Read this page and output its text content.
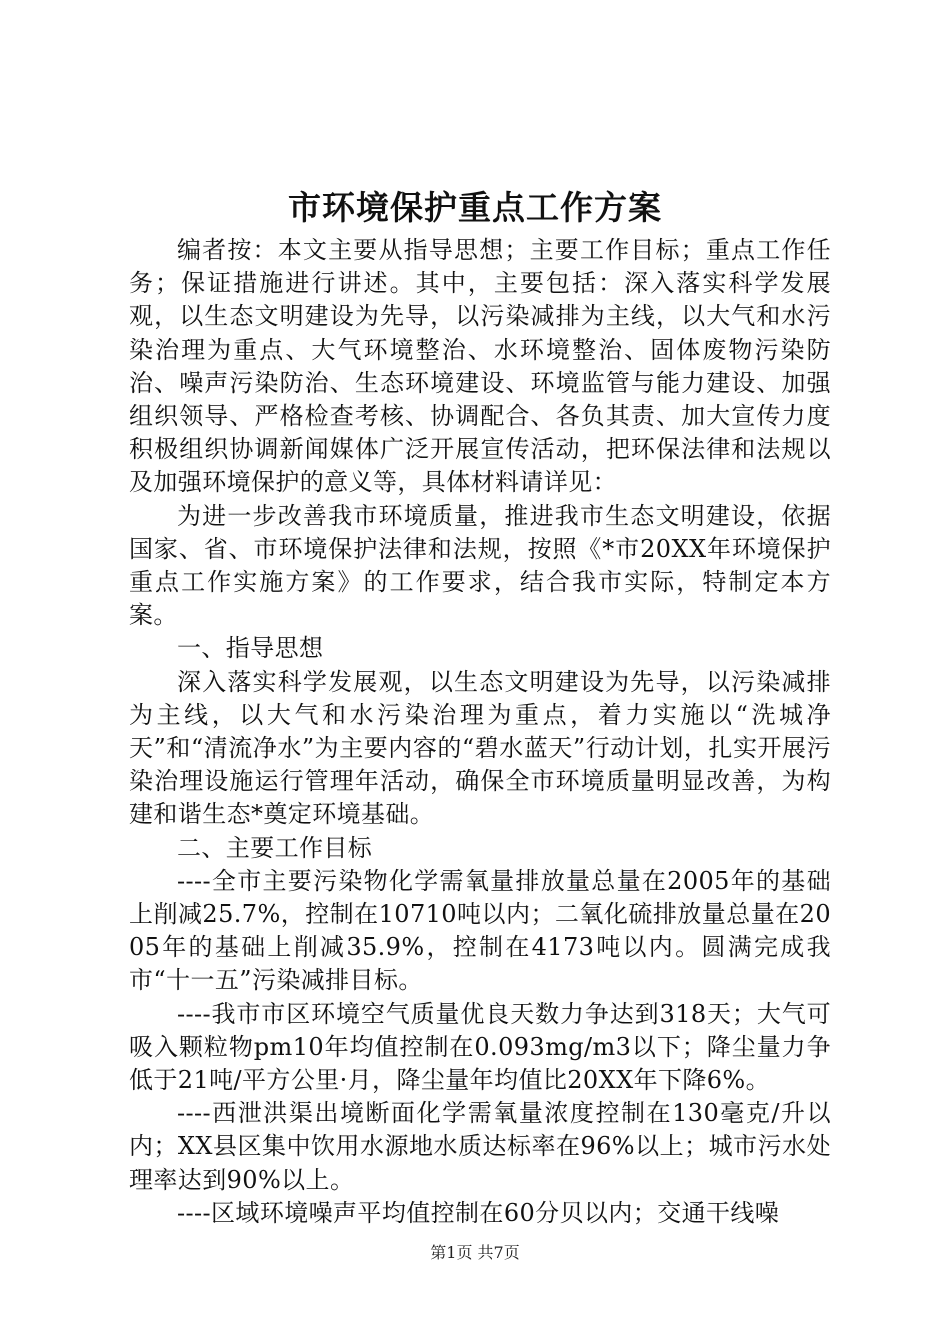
市环境保护重点工作方案

编者按：本文主要从指导思想；主要工作目标；重点工作任务；保证措施进行讲述。其中，主要包括：深入落实科学发展观，以生态文明建设为先导，以污染减排为主线，以大气和水污染治理为重点、大气环境整治、水环境整治、固体废物污染防治、噪声污染防治、生态环境建设、环境监管与能力建设、加强组织领导、严格检查考核、协调配合、各负其责、加大宣传力度积极组织协调新闻媒体广泛开展宣传活动，把环保法律和法规以及加强环境保护的意义等，具体材料请详见：

为进一步改善我市环境质量，推进我市生态文明建设，依据国家、省、市环境保护法律和法规，按照《*市20XX年环境保护重点工作实施方案》的工作要求，结合我市实际，特制定本方案。

一、指导思想

深入落实科学发展观，以生态文明建设为先导，以污染减排为主线，以大气和水污染治理为重点，着力实施以“洗城净天”和“清流净水”为主要内容的“碧水蓝天”行动计划，扎实开展污染治理设施运行管理年活动，确保全市环境质量明显改善，为构建和谐生态*奠定环境基础。

二、主要工作目标

----全市主要污染物化学需氧量排放量总量在2005年的基础上削减25.7%，控制在10710吨以内；二氧化硫排放量总量在2005年的基础上削减35.9%，控制在4173吨以内。圆满完成我市“十一五”污染减排目标。

----我市市区环境空气质量优良天数力争达到318天；大气可吸入颗粒物pm10年均值控制在0.093mg/m3以下；降尘量力争低于21吨/平方公里·月，降尘量年均值比20XX年下降6%。

----西泄洪渠出境断面化学需氧量浓度控制在130毫克/升以内；XX县区集中饮用水源地水质达标率在96%以上；城市污水处理率达到90%以上。

----区域环境噪声平均值控制在60分贝以内；交通干线噪

第1页 共7页
